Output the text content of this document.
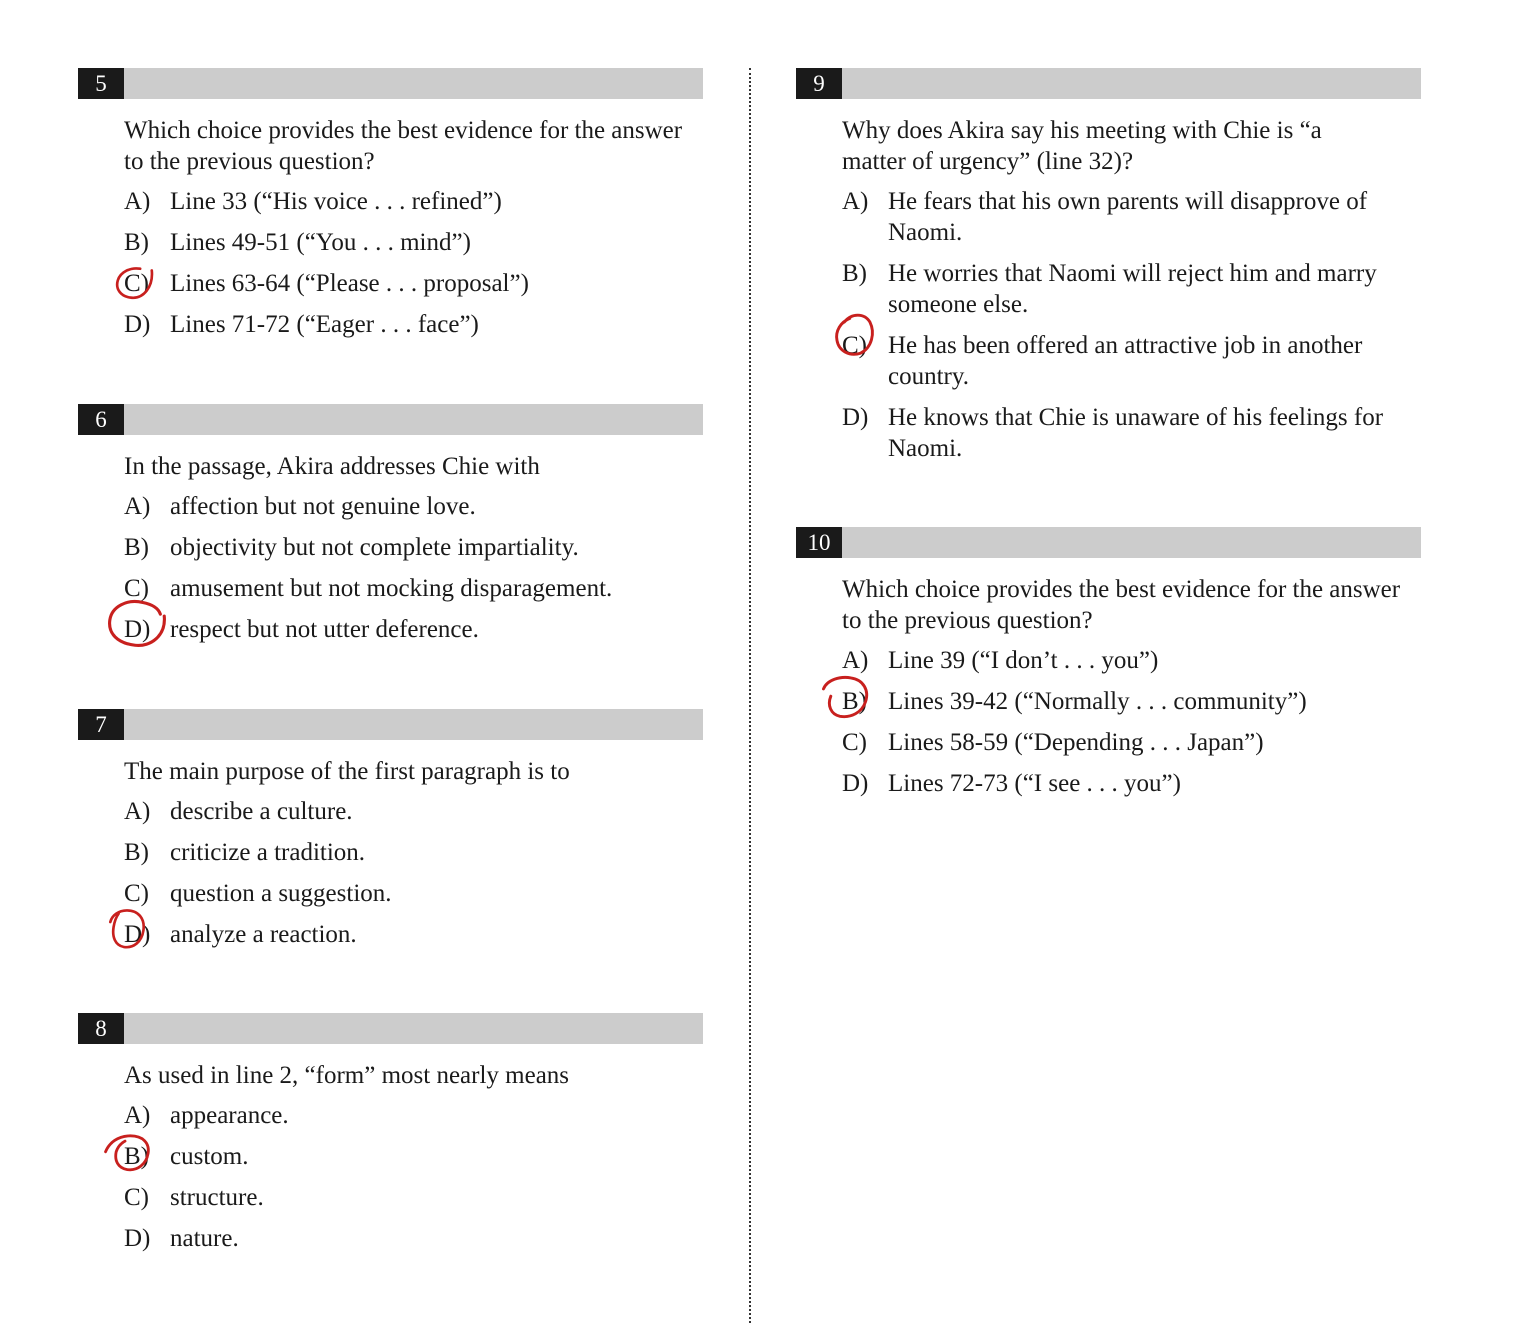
5
Which choice provides the best evidence for the answer to the previous question?
A) Line 33 (“His voice . . . refined”)
B) Lines 49-51 (“You . . . mind”)
C) Lines 63-64 (“Please . . . proposal”)
D) Lines 71-72 (“Eager . . . face”)
6
In the passage, Akira addresses Chie with
A) affection but not genuine love.
B) objectivity but not complete impartiality.
C) amusement but not mocking disparagement.
D) respect but not utter deference.
7
The main purpose of the first paragraph is to
A) describe a culture.
B) criticize a tradition.
C) question a suggestion.
D) analyze a reaction.
8
As used in line 2, “form” most nearly means
A) appearance.
B) custom.
C) structure.
D) nature.
9
Why does Akira say his meeting with Chie is “a matter of urgency” (line 32)?
A) He fears that his own parents will disapprove of Naomi.
B) He worries that Naomi will reject him and marry someone else.
C) He has been offered an attractive job in another country.
D) He knows that Chie is unaware of his feelings for Naomi.
10
Which choice provides the best evidence for the answer to the previous question?
A) Line 39 (“I don’t . . . you”)
B) Lines 39-42 (“Normally . . . community”)
C) Lines 58-59 (“Depending . . . Japan”)
D) Lines 72-73 (“I see . . . you”)
